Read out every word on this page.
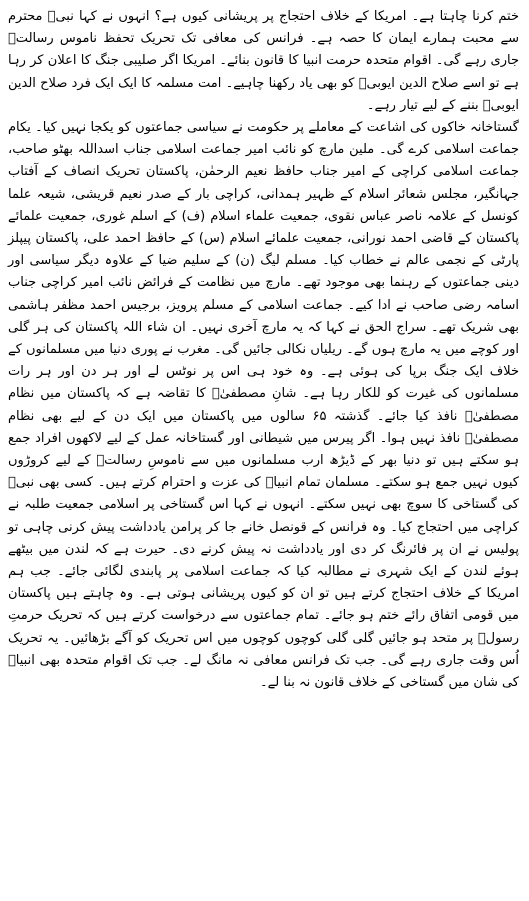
ختم کرنا چاہتا ہے۔ امریکا کے خلاف احتجاج پر پریشانی کیوں ہے؟ انہوں نے کہا نبیؐ محترم سے محبت ہمارے ایمان کا حصہ ہے۔ فرانس کی معافی تک تحریک تحفظ ناموس رسالتؐ جاری رہے گی۔ اقوام متحدہ حرمت انبیا کا قانون بنائے۔ امریکا اگر صلیبی جنگ کا اعلان کر رہا ہے تو اسے صلاح الدین ایوبیؒ کو بھی یاد رکھنا چاہیے۔ امت مسلمہ کا ایک ایک فرد صلاح الدین ایوبیؒ بننے کے لیے تیار رہے۔

گستاخانہ خاکوں کی اشاعت کے معاملے پر حکومت نے سیاسی جماعتوں کو یکجا نہیں کیا۔ یکام جماعت اسلامی کرے گی۔ ملین مارچ کو نائب امیر جماعت اسلامی جناب اسداللہ بھٹو صاحب، جماعت اسلامی کراچی کے امیر جناب حافظ نعیم الرحمٰن، پاکستان تحریک انصاف کے آفتاب جہانگیر، مجلس شعائر اسلام کے ظہیر ہمدانی، کراچی بار کے صدر نعیم قریشی، شیعہ علما کونسل کے علامہ ناصر عباس نقوی، جمعیت علماء اسلام (ف) کے اسلم غوری، جمعیت علمائے پاکستان کے قاضی احمد نورانی، جمعیت علمائے اسلام (س) کے حافظ احمد علی، پاکستان پیپلز پارٹی کے نجمی عالم نے خطاب کیا۔ مسلم لیگ (ن) کے سلیم ضیا کے علاوہ دیگر سیاسی اور دینی جماعتوں کے رہنما بھی موجود تھے۔ مارچ میں نظامت کے فرائض نائب امیر کراچی جناب اسامہ رضی صاحب نے ادا کیے۔ جماعت اسلامی کے مسلم پرویز، برجیس احمد مظفر ہاشمی بھی شریک تھے۔ سراج الحق نے کہا کہ یہ مارچ آخری نہیں۔ ان شاء اللہ پاکستان کی ہر گلی اور کوچے میں یہ مارچ ہوں گے۔ ریلیاں نکالی جائیں گی۔ مغرب نے پوری دنیا میں مسلمانوں کے خلاف ایک جنگ برپا کی ہوئی ہے۔ وہ خود ہی اس پر نوٹس لے اور ہر دن اور ہر رات مسلمانوں کی غیرت کو للکار رہا ہے۔ شانِ مصطفیٰؐ کا تقاضہ ہے کہ پاکستان میں نظام مصطفیٰؐ نافذ کیا جائے۔ گذشتہ ۶۵ سالوں میں پاکستان میں ایک دن کے لیے بھی نظام مصطفیٰؐ نافذ نہیں ہوا۔ اگر پیرس میں شیطانی اور گستاخانہ عمل کے لیے لاکھوں افراد جمع ہو سکتے ہیں تو دنیا بھر کے ڈیڑھ ارب مسلمانوں میں سے ناموسِ رسالتؐ کے لیے کروڑوں کیوں نہیں جمع ہو سکتے۔ مسلمان تمام انبیاؑ کی عزت و احترام کرتے ہیں۔ کسی بھی نبیؑ کی گستاخی کا سوچ بھی نہیں سکتے۔ انہوں نے کہا اس گستاخی پر اسلامی جمعیت طلبہ نے کراچی میں احتجاج کیا۔ وہ فرانس کے قونصل خانے جا کر پرامن یادداشت پیش کرنی چاہی تو پولیس نے ان پر فائرنگ کر دی اور یادداشت نہ پیش کرنے دی۔ حیرت ہے کہ لندن میں بیٹھے ہوئے لندن کے ایک شہری نے مطالبہ کیا کہ جماعت اسلامی پر پابندی لگائی جائے۔ جب ہم امریکا کے خلاف احتجاج کرتے ہیں تو ان کو کیوں پریشانی ہوتی ہے۔ وہ چاہتے ہیں پاکستان میں قومی اتفاق رائے ختم ہو جائے۔ تمام جماعتوں سے درخواست کرتے ہیں کہ تحریک حرمتِ رسولؐ پر متحد ہو جائیں گلی گلی کوچوں کوچوں میں اس تحریک کو آگے بڑھائیں۔ یہ تحریک اُس وقت جاری رہے گی۔ جب تک فرانس معافی نہ مانگ لے۔ جب تک اقوام متحدہ بھی انبیاؑ کی شان میں گستاخی کے خلاف قانون نہ بنا لے۔
